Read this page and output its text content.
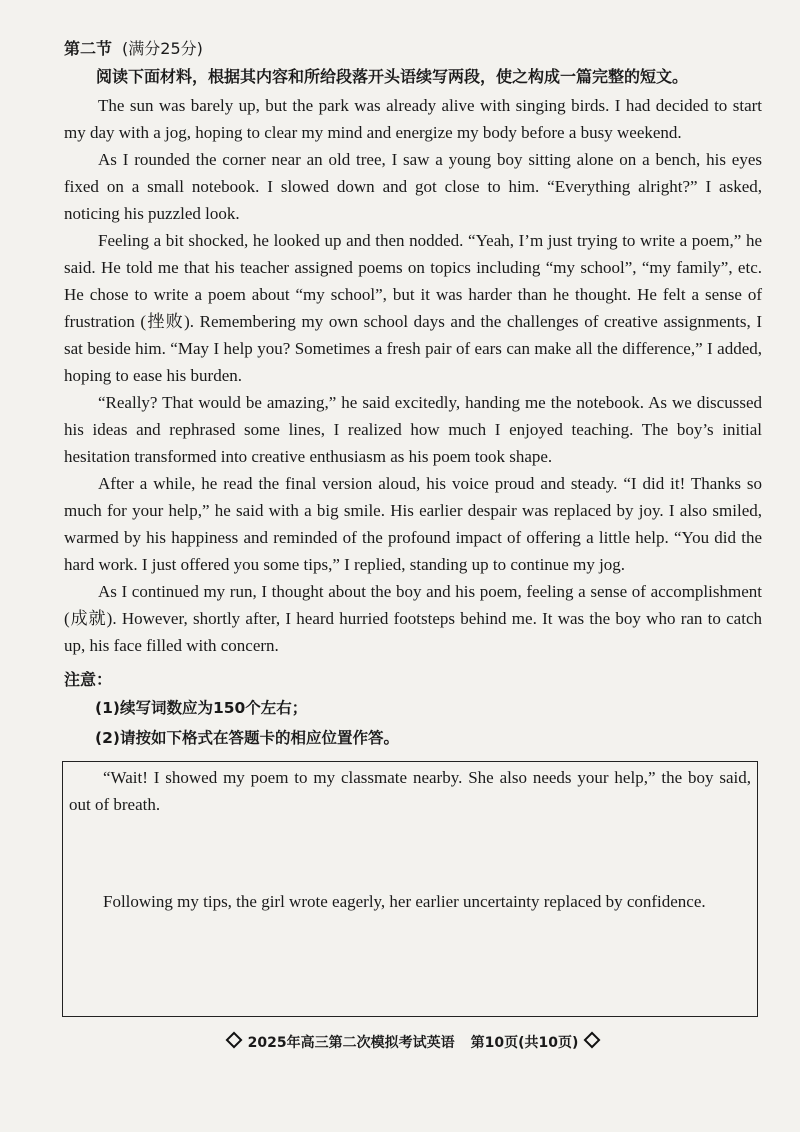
第二节 (满分25分)
阅读下面材料，根据其内容和所给段落开头语续写两段，使之构成一篇完整的短文。

The sun was barely up, but the park was already alive with singing birds. I had decided to start my day with a jog, hoping to clear my mind and energize my body before a busy weekend.

As I rounded the corner near an old tree, I saw a young boy sitting alone on a bench, his eyes fixed on a small notebook. I slowed down and got close to him. “Everything alright?” I asked, noticing his puzzled look.

Feeling a bit shocked, he looked up and then nodded. “Yeah, I’m just trying to write a poem,” he said. He told me that his teacher assigned poems on topics including “my school”, “my family”, etc. He chose to write a poem about “my school”, but it was harder than he thought. He felt a sense of frustration (挫败). Remembering my own school days and the challenges of creative assignments, I sat beside him. “May I help you? Sometimes a fresh pair of ears can make all the difference,” I added, hoping to ease his burden.

“Really? That would be amazing,” he said excitedly, handing me the notebook. As we discussed his ideas and rephrased some lines, I realized how much I enjoyed teaching. The boy’s initial hesitation transformed into creative enthusiasm as his poem took shape.

After a while, he read the final version aloud, his voice proud and steady. “I did it! Thanks so much for your help,” he said with a big smile. His earlier despair was replaced by joy. I also smiled, warmed by his happiness and reminded of the profound impact of offering a little help. “You did the hard work. I just offered you some tips,” I replied, standing up to continue my jog.

As I continued my run, I thought about the boy and his poem, feeling a sense of accomplishment (成就). However, shortly after, I heard hurried footsteps behind me. It was the boy who ran to catch up, his face filled with concern.

注意：
(1)续写词数应为150个左右；
(2)请按如下格式在答题卡的相应位置作答。

“Wait! I showed my poem to my classmate nearby. She also needs your help,” the boy said, out of breath.

Following my tips, the girl wrote eagerly, her earlier uncertainty replaced by confidence.

2025年高三第二次模拟考试英语 第10页(共10页)
